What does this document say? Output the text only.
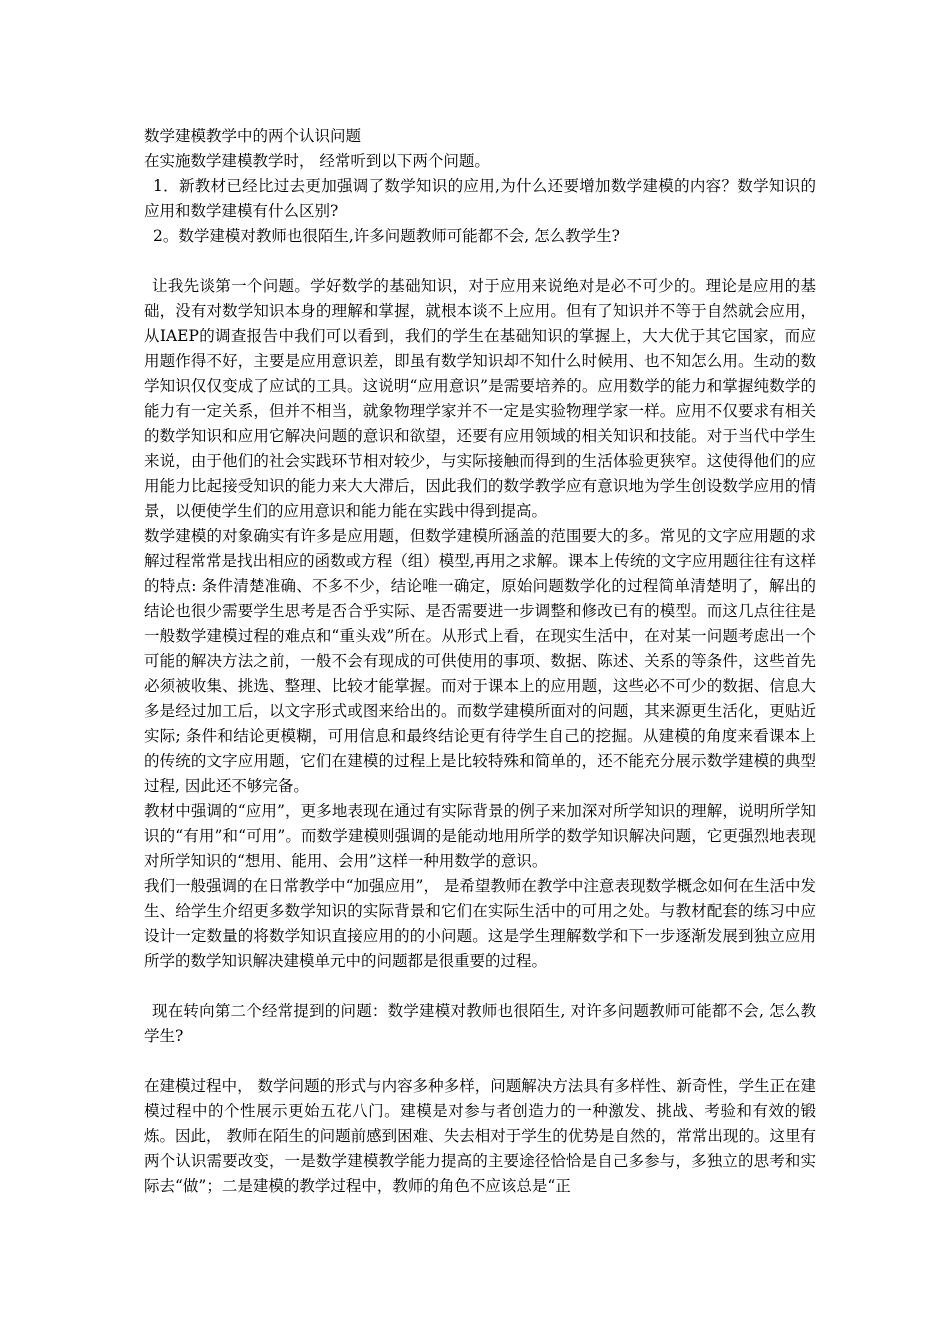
数学建模教学中的两个认识问题

在实施数学建模教学时， 经常听到以下两个问题。

1．新教材已经比过去更加强调了数学知识的应用,为什么还要增加数学建模的内容？数学知识的应用和数学建模有什么区别?

2。数学建模对教师也很陌生,许多问题教师可能都不会, 怎么教学生?

让我先谈第一个问题。学好数学的基础知识，对于应用来说绝对是必不可少的。理论是应用的基础，没有对数学知识本身的理解和掌握，就根本谈不上应用。但有了知识并不等于自然就会应用，从IAEP的调查报告中我们可以看到，我们的学生在基础知识的掌握上，大大优于其它国家，而应用题作得不好，主要是应用意识差，即虽有数学知识却不知什么时候用、也不知怎么用。生动的数学知识仅仅变成了应试的工具。这说明“应用意识”是需要培养的。应用数学的能力和掌握纯数学的能力有一定关系，但并不相当，就象物理学家并不一定是实验物理学家一样。应用不仅要求有相关的数学知识和应用它解决问题的意识和欲望，还要有应用领域的相关知识和技能。对于当代中学生来说，由于他们的社会实践环节相对较少，与实际接触而得到的生活体验更狭窄。这使得他们的应用能力比起接受知识的能力来大大滞后，因此我们的数学教学应有意识地为学生创设数学应用的情景，以便使学生们的应用意识和能力能在实践中得到提高。

数学建模的对象确实有许多是应用题，但数学建模所涵盖的范围要大的多。常见的文字应用题的求解过程常常是找出相应的函数或方程（组）模型,再用之求解。课本上传统的文字应用题往往有这样的特点: 条件清楚准确、不多不少，结论唯一确定，原始问题数学化的过程简单清楚明了，解出的结论也很少需要学生思考是否合乎实际、是否需要进一步调整和修改已有的模型。而这几点往往是一般数学建模过程的难点和“重头戏”所在。从形式上看，在现实生活中，在对某一问题考虑出一个可能的解决方法之前，一般不会有现成的可供使用的事项、数据、陈述、关系的等条件，这些首先必须被收集、挑选、整理、比较才能掌握。而对于课本上的应用题，这些必不可少的数据、信息大多是经过加工后，以文字形式或图来给出的。而数学建模所面对的问题，其来源更生活化，更贴近实际; 条件和结论更模糊，可用信息和最终结论更有待学生自己的挖掘。从建模的角度来看课本上的传统的文字应用题，它们在建模的过程上是比较特殊和简单的，还不能充分展示数学建模的典型过程, 因此还不够完备。

教材中强调的“应用”，更多地表现在通过有实际背景的例子来加深对所学知识的理解，说明所学知识的“有用”和“可用”。而数学建模则强调的是能动地用所学的数学知识解决问题，它更强烈地表现对所学知识的“想用、能用、会用”这样一种用数学的意识。

我们一般强调的在日常教学中“加强应用”， 是希望教师在教学中注意表现数学概念如何在生活中发生、给学生介绍更多数学知识的实际背景和它们在实际生活中的可用之处。与教材配套的练习中应设计一定数量的将数学知识直接应用的的小问题。这是学生理解数学和下一步逐渐发展到独立应用所学的数学知识解决建模单元中的问题都是很重要的过程。

现在转向第二个经常提到的问题：数学建模对教师也很陌生, 对许多问题教师可能都不会, 怎么教学生?

在建模过程中， 数学问题的形式与内容多种多样，问题解决方法具有多样性、新奇性，学生正在建模过程中的个性展示更始五花八门。建模是对参与者创造力的一种激发、挑战、考验和有效的锻炼。因此， 教师在陌生的问题前感到困难、失去相对于学生的优势是自然的，常常出现的。这里有两个认识需要改变，一是数学建模教学能力提高的主要途径恰恰是自己多参与，多独立的思考和实际去“做”；二是建模的教学过程中，教师的角色不应该总是“正
